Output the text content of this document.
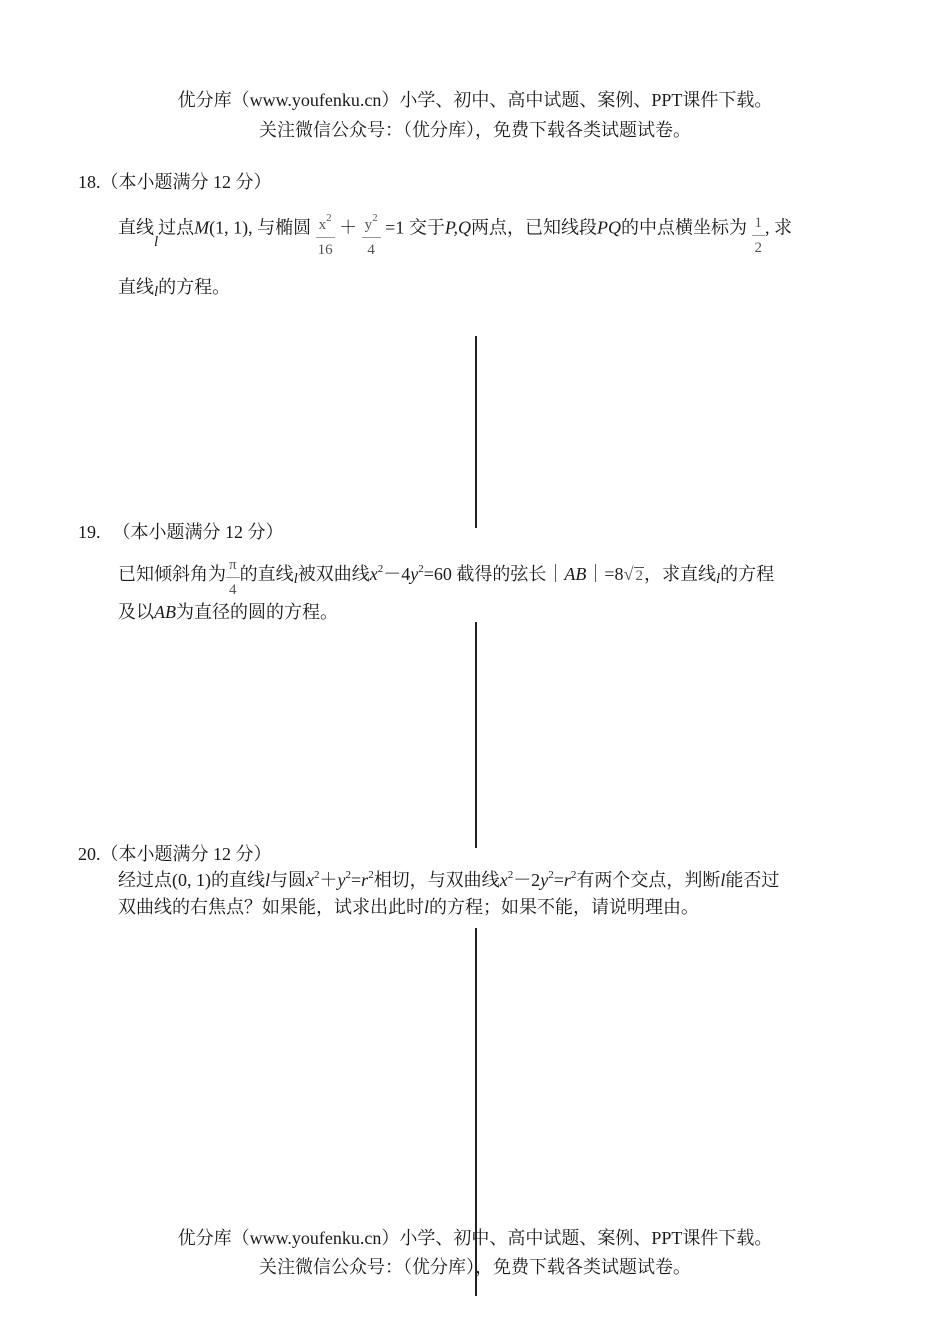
优分库（www.youfenku.cn）小学、初中、高中试题、案例、PPT课件下载。
关注微信公众号：（优分库），免费下载各类试题试卷。
18.（本小题满分 12 分）
直线$_l$过点M(1, 1), 与椭圆 $\frac{x^2}{16} + \frac{y^2}{4} =1$ 交于P,Q两点，已知线段PQ的中点横坐标为 $\frac{1}{2}$ , 求
直线l的方程。
19. （本小题满分 12 分）
已知倾斜角为 $\frac{\pi}{4}$ 的直线l被双曲线$x^2-4y^2=60$ 截得的弦长｜AB｜=8√ 2，求直线l的方程
及以AB为直径的圆的方程。
20.（本小题满分 12 分）
经过点(0, 1)的直线l与圆$x^2+y^2=r^2$相切，与双曲线$x^2-2y^2=r^2$有两个交点，判断l能否过
双曲线的右焦点？如果能，试求出此时l的方程；如果不能，请说明理由。
优分库（www.youfenku.cn）小学、初中、高中试题、案例、PPT课件下载。
关注微信公众号：（优分库），免费下载各类试题试卷。
